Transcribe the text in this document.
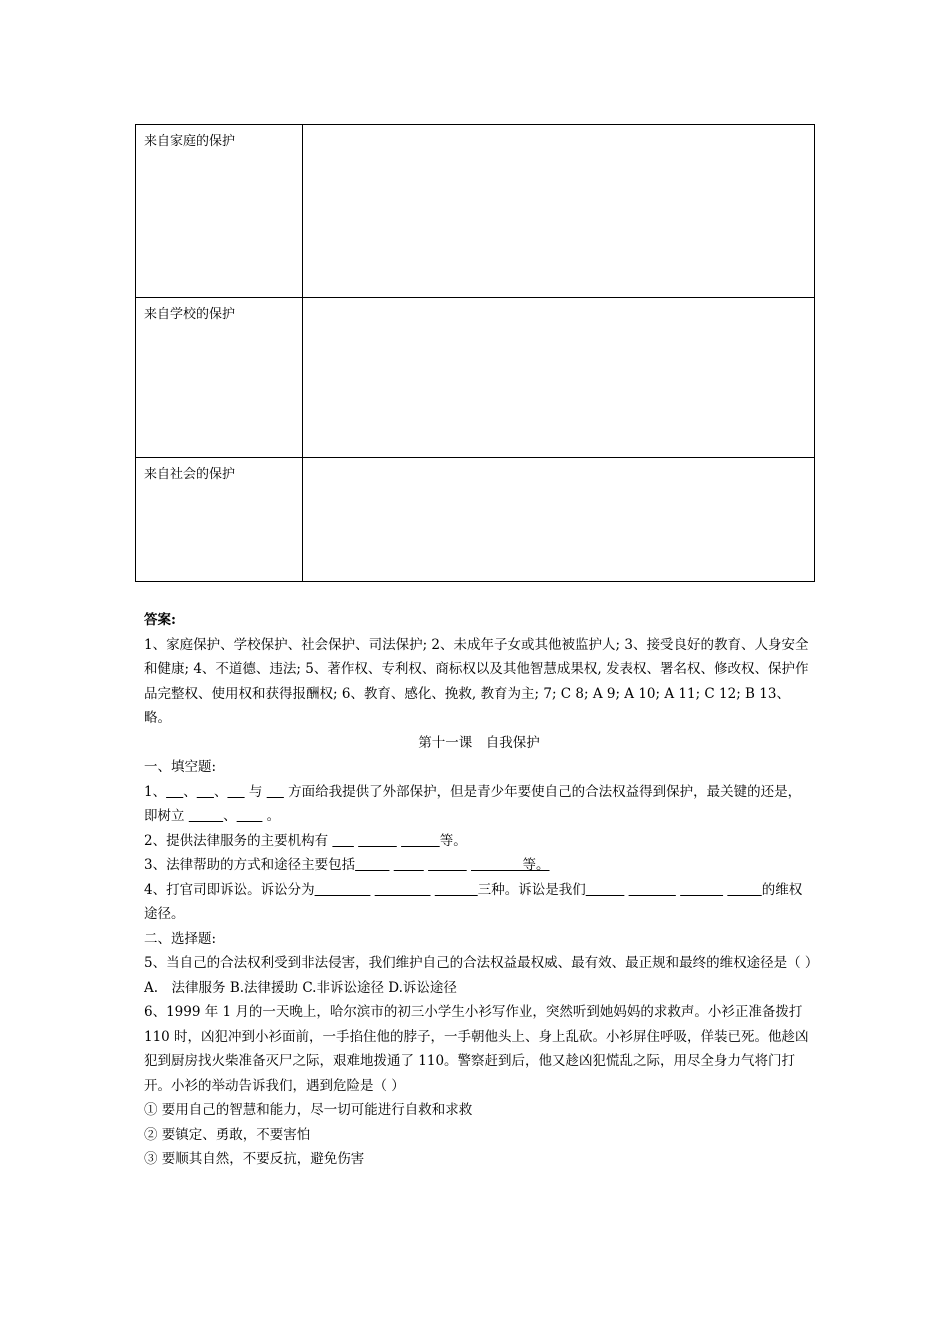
来自家庭的保护	
来自学校的保护	
来自社会的保护	

答案:

1、家庭保护、学校保护、社会保护、司法保护; 2、未成年子女或其他被监护人; 3、接受良好的教育、人身安全和健康; 4、不道德、违法; 5、著作权、专利权、商标权以及其他智慧成果权, 发表权、署名权、修改权、保护作品完整权、使用权和获得报酬权; 6、教育、感化、挽救, 教育为主; 7; C 8; A 9; A 10; A 11; C 12; B 13、略。

第十一课　自我保护

一、填空题:

1、 、 、     与      方面给我提供了外部保护，但是青少年要使自己的合法权益得到保护，最关键的还是，即树立	、       。

2、提供法律服务的主要机构有	等。

3、法律帮助的方式和途径主要包括	等。

4、打官司即诉讼。诉讼分为	三种。诉讼是我们	的维权途径。

二、选择题:

5、当自己的合法权利受到非法侵害，我们维护自己的合法权益最权威、最有效、最正规和最终的维权途径是（ ）

A.　法律服务 B.法律援助 C.非诉讼途径 D.诉讼途径

6、1999 年 1 月的一天晚上，哈尔滨市的初三小学生小衫写作业，突然听到她妈妈的求救声。小衫正准备拨打 110 时，凶犯冲到小衫面前，一手掐住他的脖子，一手朝他头上、身上乱砍。小衫屏住呼吸，佯装已死。他趁凶犯到厨房找火柴准备灭尸之际，艰难地拨通了 110。警察赶到后，他又趁凶犯慌乱之际，用尽全身力气将门打开。小衫的举动告诉我们，遇到危险是（ ）

① 要用自己的智慧和能力，尽一切可能进行自救和求救

② 要镇定、勇敢，不要害怕

③ 要顺其自然，不要反抗，避免伤害
